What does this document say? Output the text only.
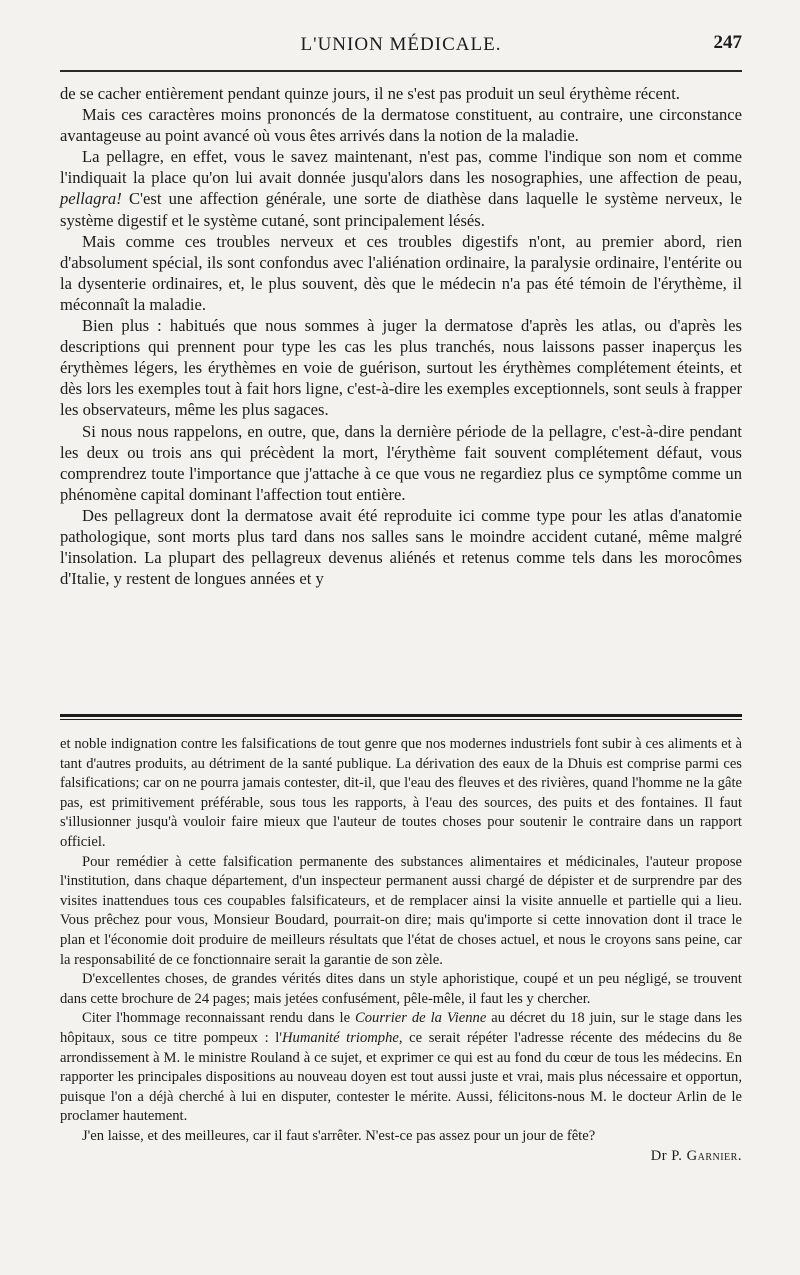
L'UNION MÉDICALE.	247

de se cacher entièrement pendant quinze jours, il ne s'est pas produit un seul érythème récent.

Mais ces caractères moins prononcés de la dermatose constituent, au contraire, une circonstance avantageuse au point avancé où vous êtes arrivés dans la notion de la maladie.

La pellagre, en effet, vous le savez maintenant, n'est pas, comme l'indique son nom et comme l'indiquait la place qu'on lui avait donnée jusqu'alors dans les nosographies, une affection de peau, pellagra! C'est une affection générale, une sorte de diathèse dans laquelle le système nerveux, le système digestif et le système cutané, sont principalement lésés.

Mais comme ces troubles nerveux et ces troubles digestifs n'ont, au premier abord, rien d'absolument spécial, ils sont confondus avec l'aliénation ordinaire, la paralysie ordinaire, l'entérite ou la dysenterie ordinaires, et, le plus souvent, dès que le médecin n'a pas été témoin de l'érythème, il méconnaît la maladie.

Bien plus : habitués que nous sommes à juger la dermatose d'après les atlas, ou d'après les descriptions qui prennent pour type les cas les plus tranchés, nous laissons passer inaperçus les érythèmes légers, les érythèmes en voie de guérison, surtout les érythèmes complétement éteints, et dès lors les exemples tout à fait hors ligne, c'est-à-dire les exemples exceptionnels, sont seuls à frapper les observateurs, même les plus sagaces.

Si nous nous rappelons, en outre, que, dans la dernière période de la pellagre, c'est-à-dire pendant les deux ou trois ans qui précèdent la mort, l'érythème fait souvent complétement défaut, vous comprendrez toute l'importance que j'attache à ce que vous ne regardiez plus ce symptôme comme un phénomène capital dominant l'affection tout entière.

Des pellagreux dont la dermatose avait été reproduite ici comme type pour les atlas d'anatomie pathologique, sont morts plus tard dans nos salles sans le moindre accident cutané, même malgré l'insolation. La plupart des pellagreux devenus aliénés et retenus comme tels dans les morocômes d'Italie, y restent de longues années et y

et noble indignation contre les falsifications de tout genre que nos modernes industriels font subir à ces aliments et à tant d'autres produits, au détriment de la santé publique. La dérivation des eaux de la Dhuis est comprise parmi ces falsifications; car on ne pourra jamais contester, dit-il, que l'eau des fleuves et des rivières, quand l'homme ne la gâte pas, est primitivement préférable, sous tous les rapports, à l'eau des sources, des puits et des fontaines. Il faut s'illusionner jusqu'à vouloir faire mieux que l'auteur de toutes choses pour soutenir le contraire dans un rapport officiel.

Pour remédier à cette falsification permanente des substances alimentaires et médicinales, l'auteur propose l'institution, dans chaque département, d'un inspecteur permanent aussi chargé de dépister et de surprendre par des visites inattendues tous ces coupables falsificateurs, et de remplacer ainsi la visite annuelle et partielle qui a lieu. Vous prêchez pour vous, Monsieur Boudard, pourrait-on dire; mais qu'importe si cette innovation dont il trace le plan et l'économie doit produire de meilleurs résultats que l'état de choses actuel, et nous le croyons sans peine, car la responsabilité de ce fonctionnaire serait la garantie de son zèle.

D'excellentes choses, de grandes vérités dites dans un style aphoristique, coupé et un peu négligé, se trouvent dans cette brochure de 24 pages; mais jetées confusément, pêle-mêle, il faut les y chercher.

Citer l'hommage reconnaissant rendu dans le Courrier de la Vienne au décret du 18 juin, sur le stage dans les hôpitaux, sous ce titre pompeux : l'Humanité triomphe, ce serait répéter l'adresse récente des médecins du 8e arrondissement à M. le ministre Rouland à ce sujet, et exprimer ce qui est au fond du cœur de tous les médecins. En rapporter les principales dispositions au nouveau doyen est tout aussi juste et vrai, mais plus nécessaire et opportun, puisque l'on a déjà cherché à lui en disputer, contester le mérite. Aussi, félicitons-nous M. le docteur Arlin de le proclamer hautement.

J'en laisse, et des meilleures, car il faut s'arrêter. N'est-ce pas assez pour un jour de fête?

Dr P. Garnier.
